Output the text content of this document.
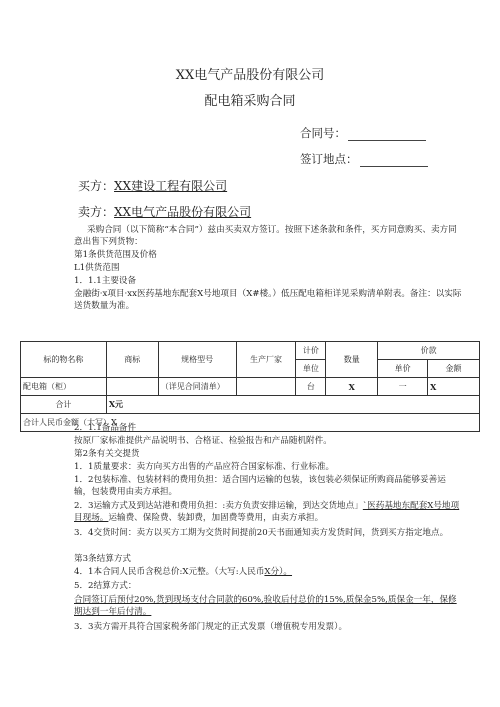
XX电气产品股份有限公司
配电箱采购合同
合同号：
签订地点：
买方：XX建设工程有限公司
卖方：XX电气产品股份有限公司
采购合同（以下简称“本合同”）兹由买卖双方签订。按照下述条款和条件，买方同意购买、卖方同意出售下列货物：
第1条供货范围及价格
L1供货范围
1．1.1主要设备
金融街·x项目·xx医药基地东配套X号地项目（X#楼。）低压配电箱柜详见采购清单附表。备注：以实际送货数量为准。
标的物名称	商标	规格型号	生产厂家	计价	数量	价款	
				单位		单价	金额
配电箱（柜）		（详见合同清单）		台	X	一	X
合计	X元						
合计人民币金额（大写）X							
2．1.1备品备件
按原厂家标准提供产品说明书、合格证、检验报告和产品随机附件。
第2条有关交提货
1．1质量要求：卖方向买方出售的产品应符合国家标准、行业标准。
1．2包装标准、包装材料的费用负担：适合国内运输的包装，该包装必须保证所购商品能够妥善运输，包装费用由卖方承担。
2．3运输方式及到达站港和费用负担：:卖方负责安排运输，到达交货地点」`医药基地东配套X号地项目现场。运输费、保险费、装卸费，加固费等费用，由卖方承担。
3．4交货时间：卖方以买方工期为交货时间提前20天书面通知卖方发货时间，货到买方指定地点。
第3条结算方式
4．1本合同人民币含税总价:X元整。（大写:人民币X分）。
5．2结算方式：
合同签订后预付20%,货到现场支付合同款的60%,验收后付总价的15%,质保金5%,质保金一年，保修期达到一年后付清。
3．3卖方需开具符合国家税务部门规定的正式发票（增值税专用发票）。
